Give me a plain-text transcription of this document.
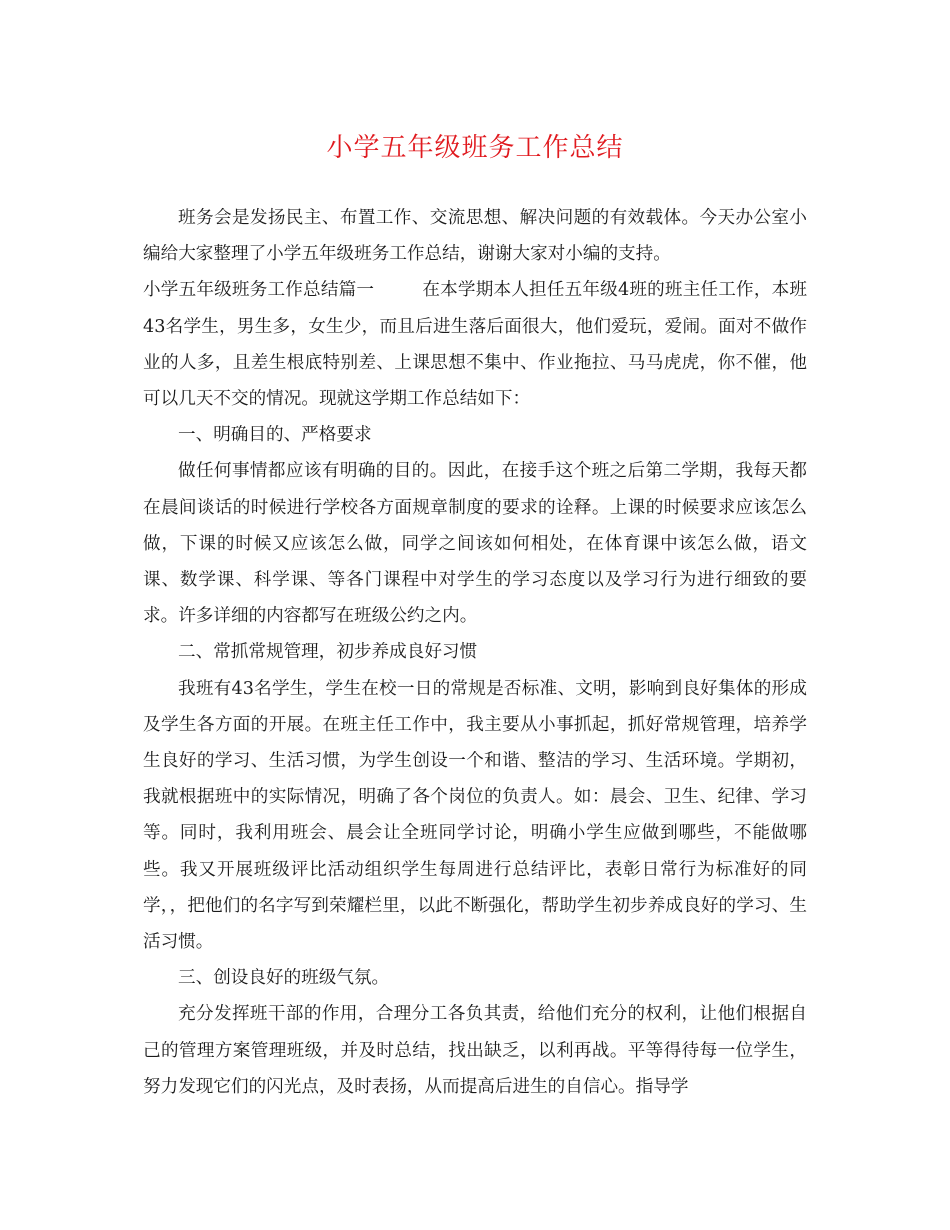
小学五年级班务工作总结

班务会是发扬民主、布置工作、交流思想、解决问题的有效载体。今天办公室小编给大家整理了小学五年级班务工作总结，谢谢大家对小编的支持。

小学五年级班务工作总结篇一	在本学期本人担任五年级4班的班主任工作，本班43名学生，男生多，女生少，而且后进生落后面很大，他们爱玩，爱闹。面对不做作业的人多，且差生根底特别差、上课思想不集中、作业拖拉、马马虎虎，你不催，他可以几天不交的情况。现就这学期工作总结如下：

一、明确目的、严格要求

做任何事情都应该有明确的目的。因此，在接手这个班之后第二学期，我每天都在晨间谈话的时候进行学校各方面规章制度的要求的诠释。上课的时候要求应该怎么做，下课的时候又应该怎么做，同学之间该如何相处，在体育课中该怎么做，语文课、数学课、科学课、等各门课程中对学生的学习态度以及学习行为进行细致的要求。许多详细的内容都写在班级公约之内。

二、常抓常规管理，初步养成良好习惯

我班有43名学生，学生在校一日的常规是否标准、文明，影响到良好集体的形成及学生各方面的开展。在班主任工作中，我主要从小事抓起，抓好常规管理，培养学生良好的学习、生活习惯，为学生创设一个和谐、整洁的学习、生活环境。学期初，我就根据班中的实际情况，明确了各个岗位的负责人。如：晨会、卫生、纪律、学习等。同时，我利用班会、晨会让全班同学讨论，明确小学生应做到哪些，不能做哪些。我又开展班级评比活动组织学生每周进行总结评比，表彰日常行为标准好的同学，，把他们的名字写到荣耀栏里，以此不断强化，帮助学生初步养成良好的学习、生活习惯。

三、创设良好的班级气氛。

充分发挥班干部的作用，合理分工各负其责，给他们充分的权利，让他们根据自己的管理方案管理班级，并及时总结，找出缺乏，以利再战。平等得待每一位学生，努力发现它们的闪光点，及时表扬，从而提高后进生的自信心。指导学
